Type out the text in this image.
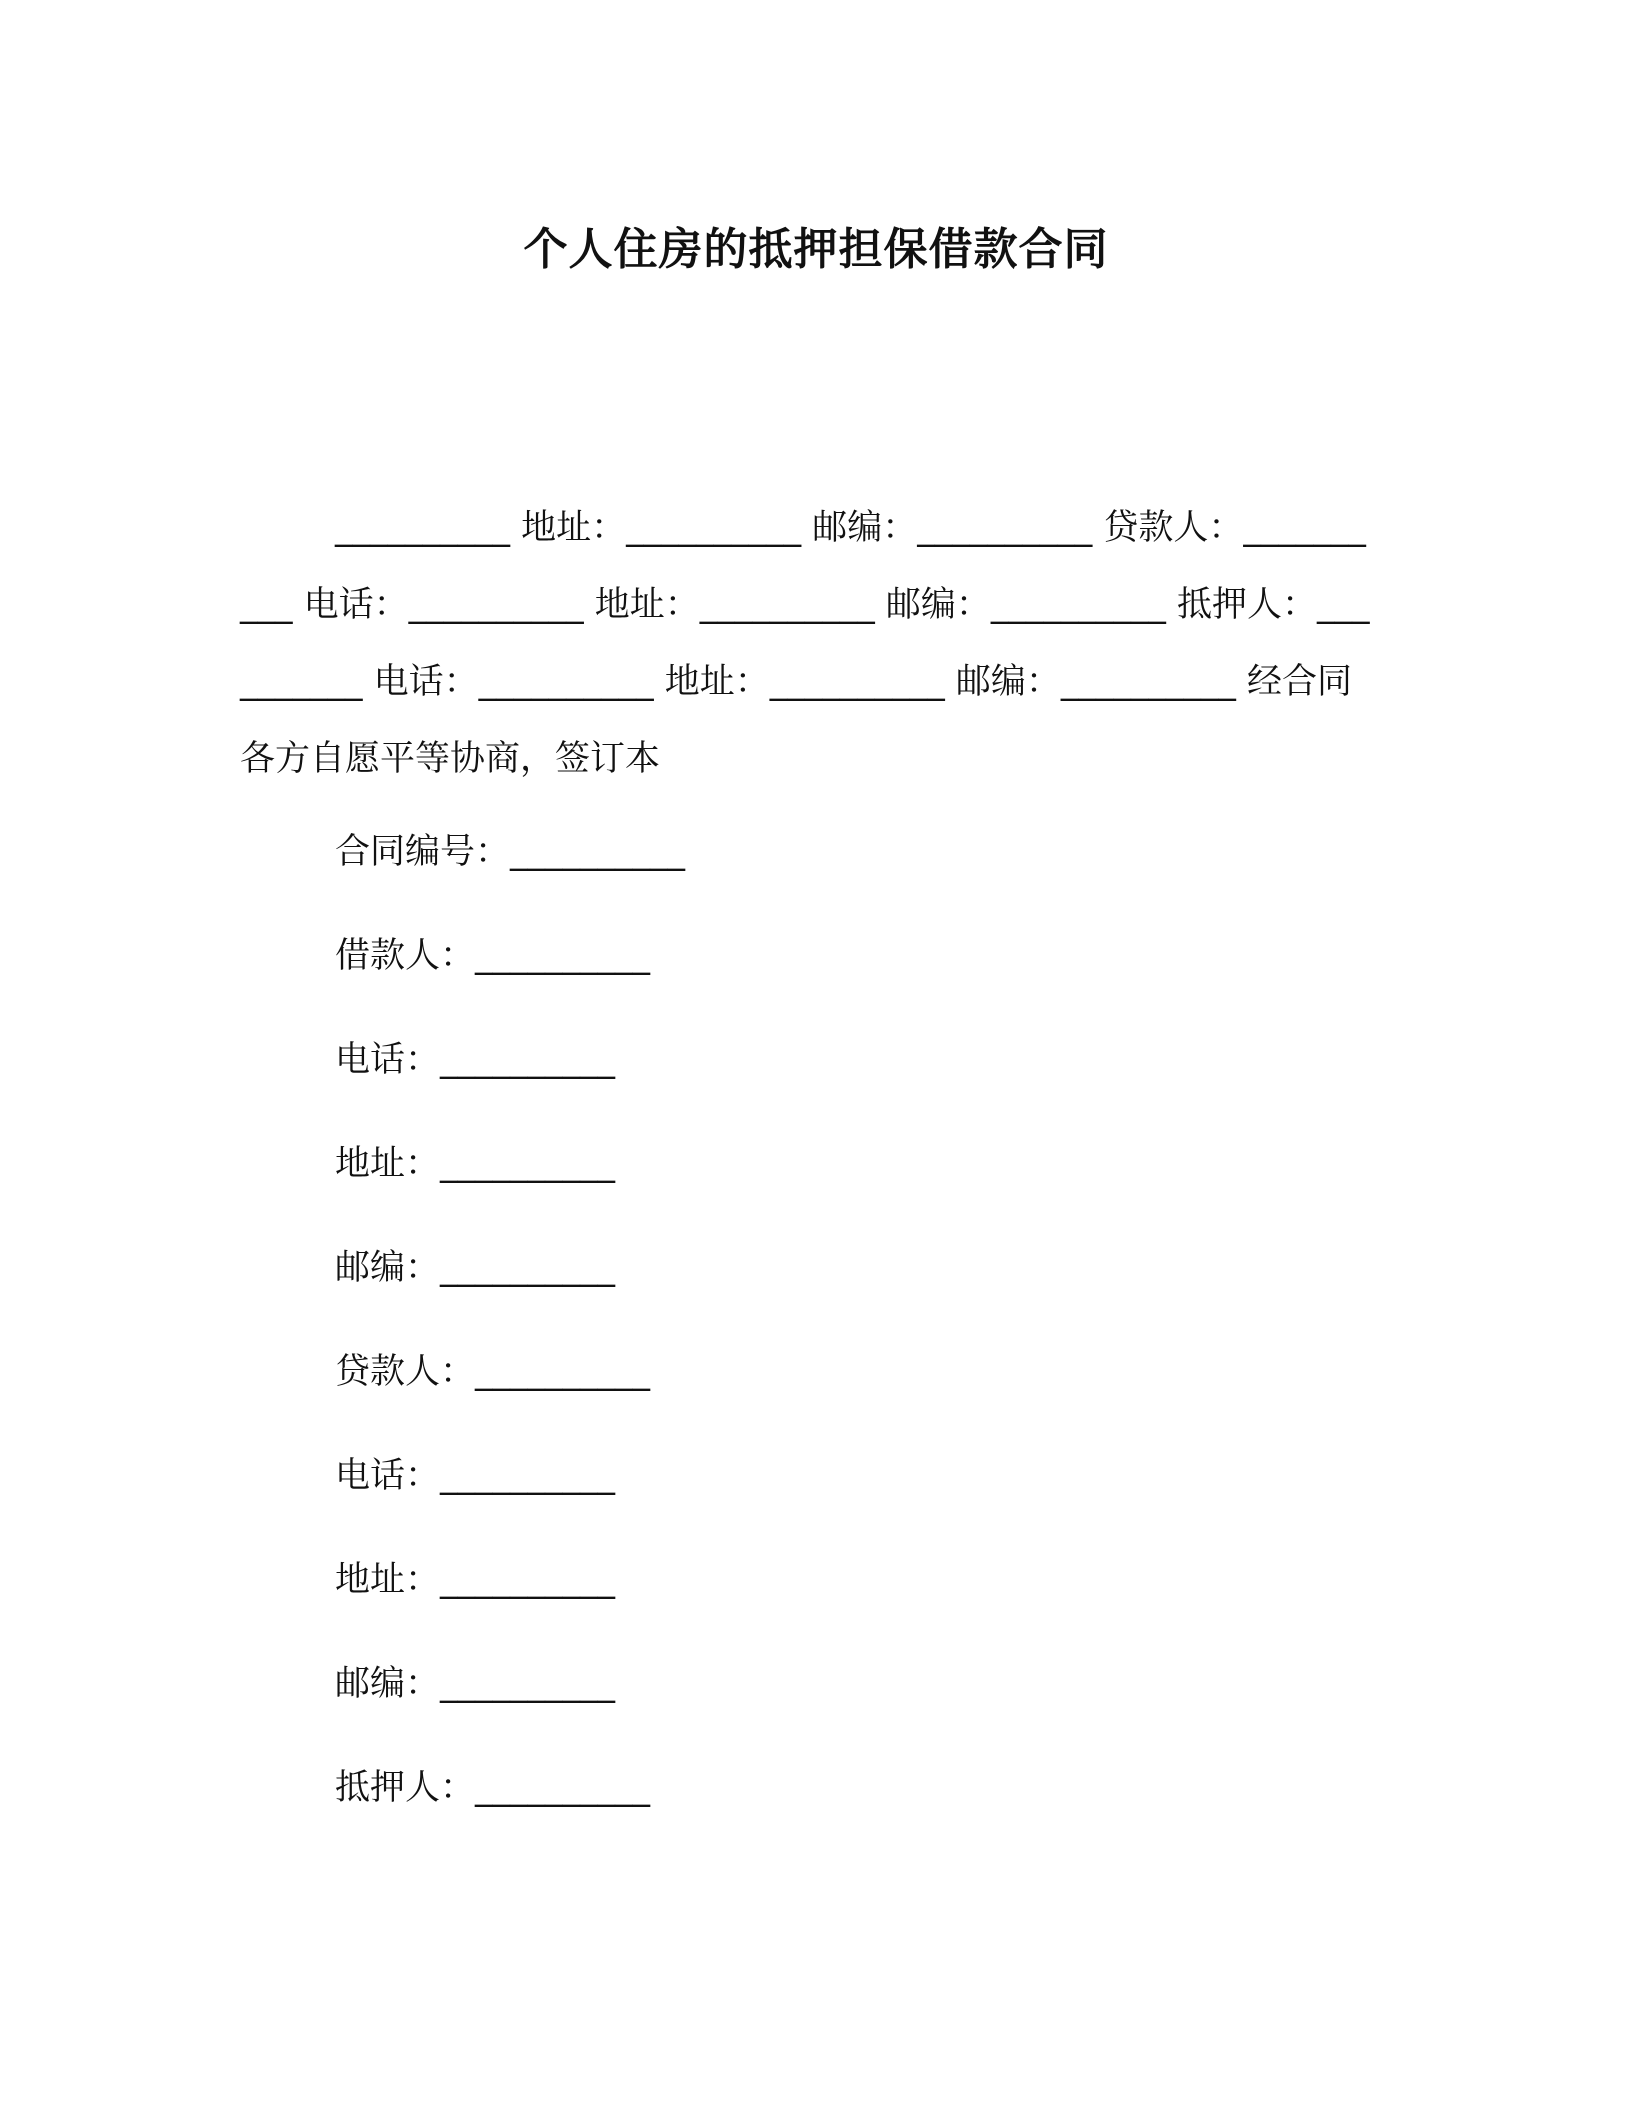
个人住房的抵押担保借款合同

__________ 地址：__________ 邮编：__________ 贷款人：__________ 电话：__________ 地址：__________ 邮编：__________ 抵押人：__________ 电话：__________ 地址：__________ 邮编：__________ 经合同各方自愿平等协商，签订本

合同编号：__________
借款人：__________
电话：__________
地址：__________
邮编：__________
贷款人：__________
电话：__________
地址：__________
邮编：__________
抵押人：__________
